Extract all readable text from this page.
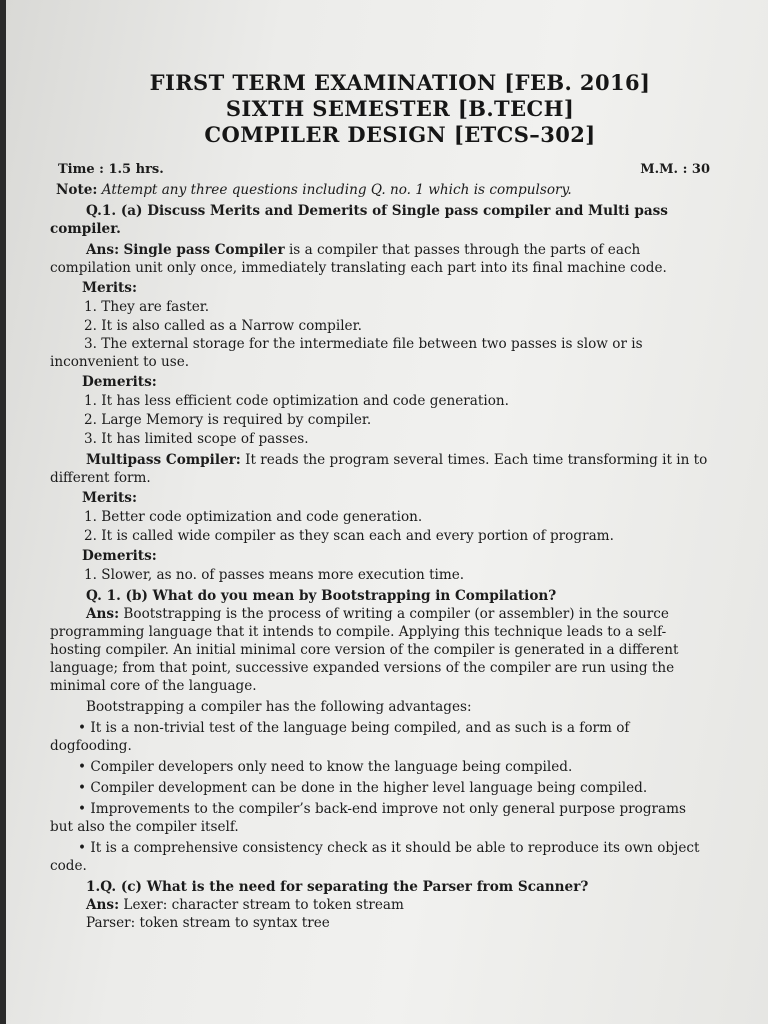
FIRST TERM EXAMINATION [FEB. 2016]
SIXTH SEMESTER [B.TECH]
COMPILER DESIGN [ETCS–302]
Time : 1.5 hrs.	M.M. : 30

Note: Attempt any three questions including Q. no. 1 which is compulsory.

Q.1. (a) Discuss Merits and Demerits of Single pass compiler and Multi pass compiler.

Ans: Single pass Compiler is a compiler that passes through the parts of each compilation unit only once, immediately translating each part into its final machine code.

Merits:

1. They are faster.

2. It is also called as a Narrow compiler.

3. The external storage for the intermediate file between two passes is slow or is inconvenient to use.

Demerits:

1. It has less efficient code optimization and code generation.

2. Large Memory is required by compiler.

3. It has limited scope of passes.

Multipass Compiler: It reads the program several times. Each time transforming it in to different form.

Merits:

1. Better code optimization and code generation.

2. It is called wide compiler as they scan each and every portion of program.

Demerits:

1. Slower, as no. of passes means more execution time.

Q. 1. (b) What do you mean by Bootstrapping in Compilation?

Ans: Bootstrapping is the process of writing a compiler (or assembler) in the source programming language that it intends to compile. Applying this technique leads to a self-hosting compiler. An initial minimal core version of the compiler is generated in a different language; from that point, successive expanded versions of the compiler are run using the minimal core of the language.

Bootstrapping a compiler has the following advantages:

• It is a non-trivial test of the language being compiled, and as such is a form of dogfooding.

• Compiler developers only need to know the language being compiled.

• Compiler development can be done in the higher level language being compiled.

• Improvements to the compiler’s back-end improve not only general purpose programs but also the compiler itself.

• It is a comprehensive consistency check as it should be able to reproduce its own object code.

1.Q. (c) What is the need for separating the Parser from Scanner?

Ans: Lexer: character stream to token stream

Parser: token stream to syntax tree
